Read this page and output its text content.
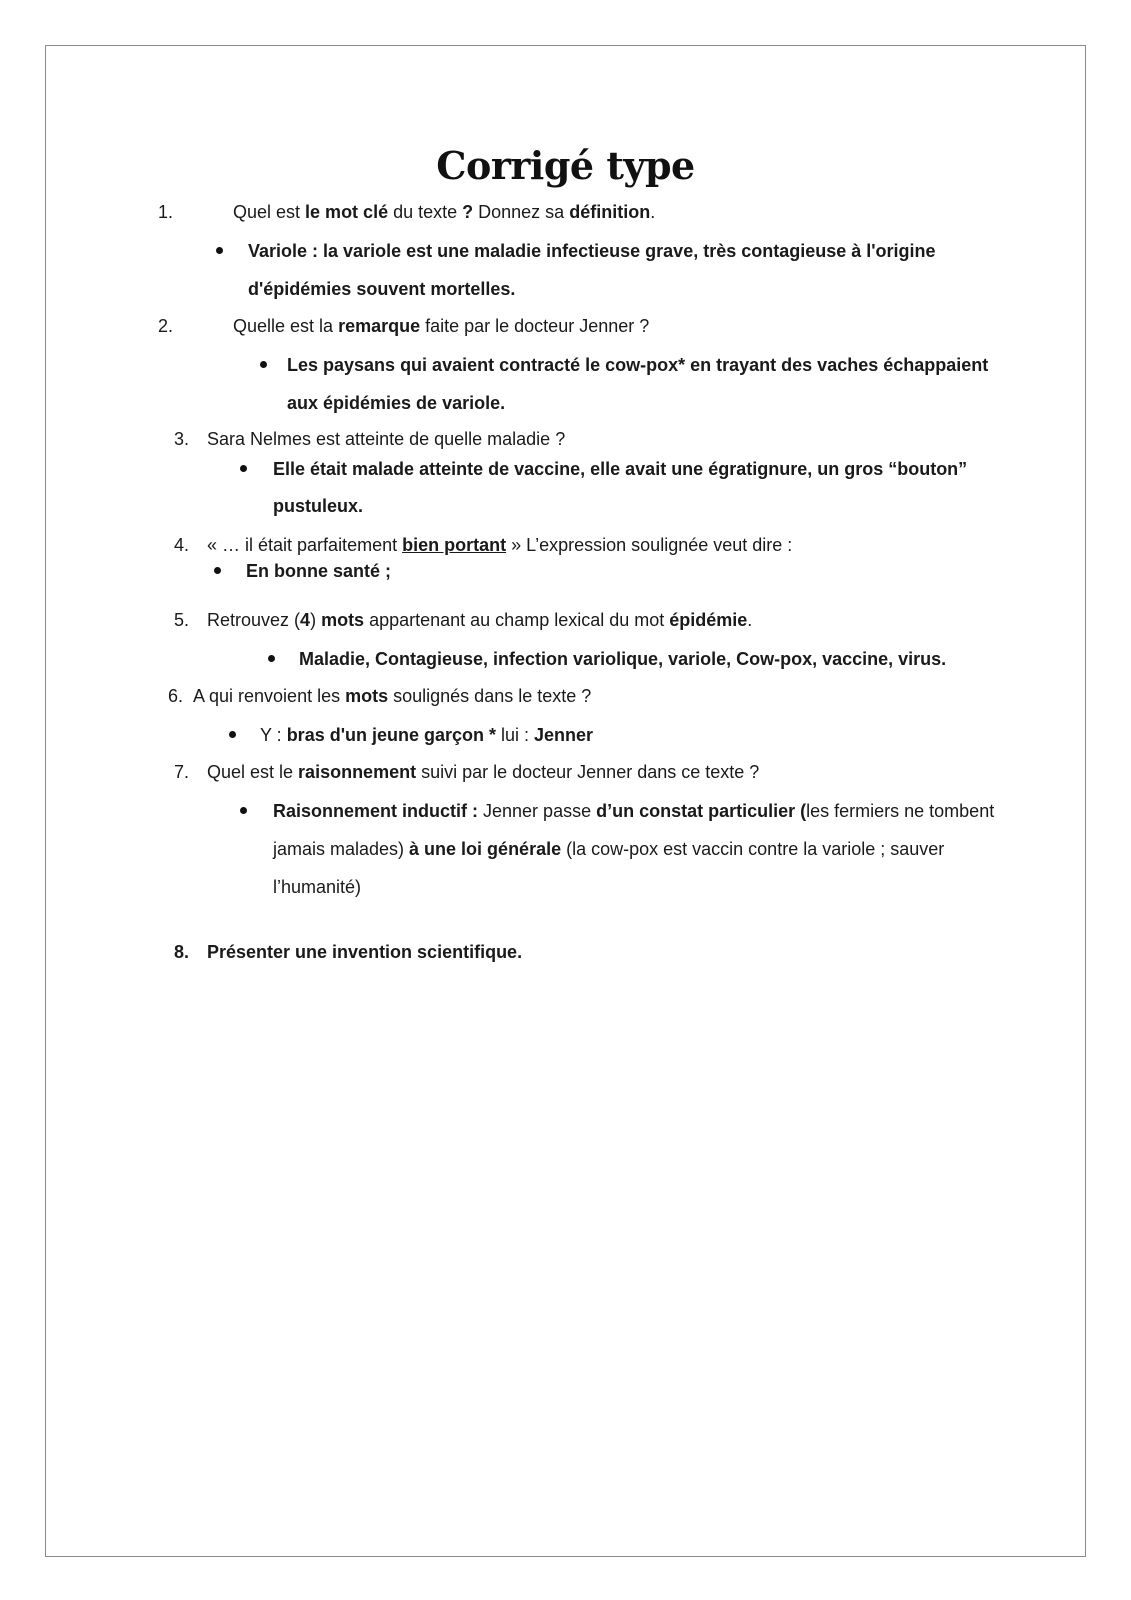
Corrigé type
1.	Quel est le mot clé du texte ? Donnez sa définition.
Variole : la variole est une maladie infectieuse grave, très contagieuse à l'origine
d'épidémies souvent mortelles.
2.	Quelle est la remarque faite par le docteur Jenner ?
Les paysans qui avaient contracté le cow-pox* en trayant des vaches échappaient
aux épidémies de variole.
3. Sara Nelmes est atteinte de quelle maladie ?
Elle était malade atteinte de vaccine, elle avait une égratignure, un gros “bouton”
pustuleux.
4. « … il était parfaitement bien portant » L’expression soulignée veut dire :
En bonne santé ;
5. Retrouvez (4) mots appartenant au champ lexical du mot épidémie.
Maladie, Contagieuse, infection variolique, variole, Cow-pox, vaccine, virus.
6. A qui renvoient les mots soulignés dans le texte ?
Y : bras d'un jeune garçon * lui : Jenner
7. Quel est le raisonnement suivi par le docteur Jenner dans ce texte ?
Raisonnement inductif : Jenner passe d’un constat particulier (les fermiers ne tombent
jamais malades) à une loi générale (la cow-pox est vaccin contre la variole ; sauver
l’humanité)
8. Présenter une invention scientifique.
